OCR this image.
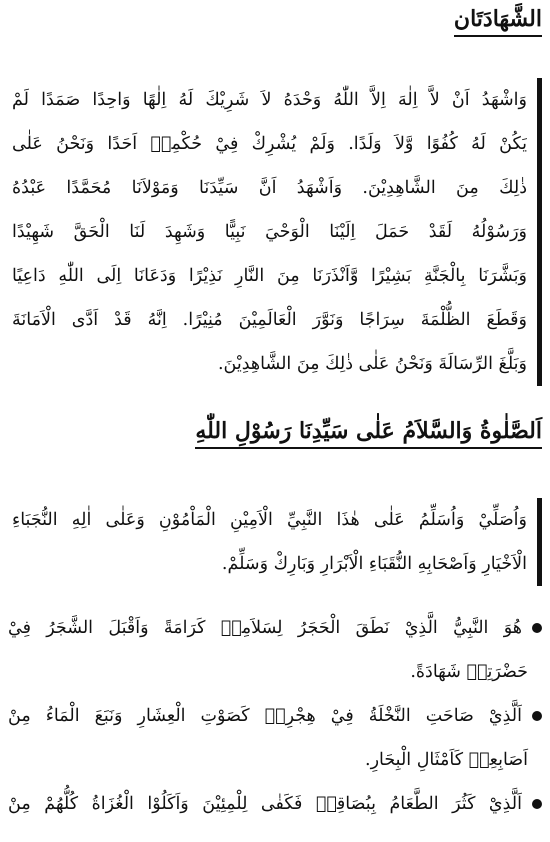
الشَّهَادَتَان
وَاشْهَدُ اَنْ لاَّ اِلٰهَ اِلاَّ اللّٰهُ وَحْدَهُ لاَ شَرِيْكَ لَهُ اِلٰهًا وَاحِدًا صَمَدًا لَمْ
يَكُنْ لَهُ كُفُوًا وَّلاَ وَلَدًا. وَلَمْ يُشْرِكْ فِيْ حُكْمِهٖ اَحَدًا وَنَحْنُ عَلٰى
ذٰلِكَ مِنَ الشَّاهِدِيْنَ. وَاَشْهَدُ اَنَّ سَيِّدَنَا وَمَوْلاَنَا مُحَمَّدًا عَبْدُهُ
وَرَسُوْلُهُ لَقَدْ حَمَلَ اِلَيْنَا الْوَحْيَ نَبِيًّا وَشَهِدَ لَنَا الْحَقَّ شَهِيْدًا
وَبَشَّرَنَا بِالْجَنَّةِ بَشِيْرًا وَّاَنْذَرَنَا مِنَ النَّارِ نَذِيْرًا وَدَعَانَا اِلَى اللّٰهِ دَاعِيًا
وَقَطَعَ الظُّلْمَةَ سِرَاجًا وَنَوَّرَ الْعَالَمِيْنَ مُنِيْرًا. اِنَّهُ قَدْ اَدَّى الْاَمَانَةَ
وَبَلَّغَ الرِّسَالَةَ وَنَحْنُ عَلٰى ذٰلِكَ مِنَ الشَّاهِدِيْنَ.
اَلصَّلٰوةُ وَالسَّلاَمُ عَلٰى سَيِّدِنَا رَسُوْلِ اللّٰهِ
وَاُصَلِّيْ وَاُسَلِّمُ عَلٰى هٰذَا النَّبِيِّ الْاَمِيْنِ الْمَاْمُوْنِ وَعَلٰى اٰلِهِ النُّجَبَاءِ
الْاَخْيَارِ وَاَصْحَابِهِ النُّقَبَاءِ الْاَبْرَارِ وَبَارِكْ وَسَلِّمْ.
هُوَ النَّبِيُّ الَّذِيْ نَطَقَ الْحَجَرُ لِسَلاَمِهٖ كَرَامَةً وَاَقْبَلَ الشَّجَرُ فِيْ
حَضْرَتِهٖ شَهَادَةً.
اَلَّذِيْ صَاحَتِ النَّخْلَةُ فِيْ هِجْرِهٖ كَصَوْتِ الْعِشَارِ وَنَبَعَ الْمَاءُ مِنْ
اَصَابِعِهٖ كَاَمْثَالِ الْبِحَارِ.
اَلَّذِيْ كَثُرَ الطَّعَامُ بِبُصَاقِهٖ فَكَفٰى لِلْمِئِيْنَ وَاَكَلُوْا الْغُزَاةُ كُلُّهُمْ مِنْ
